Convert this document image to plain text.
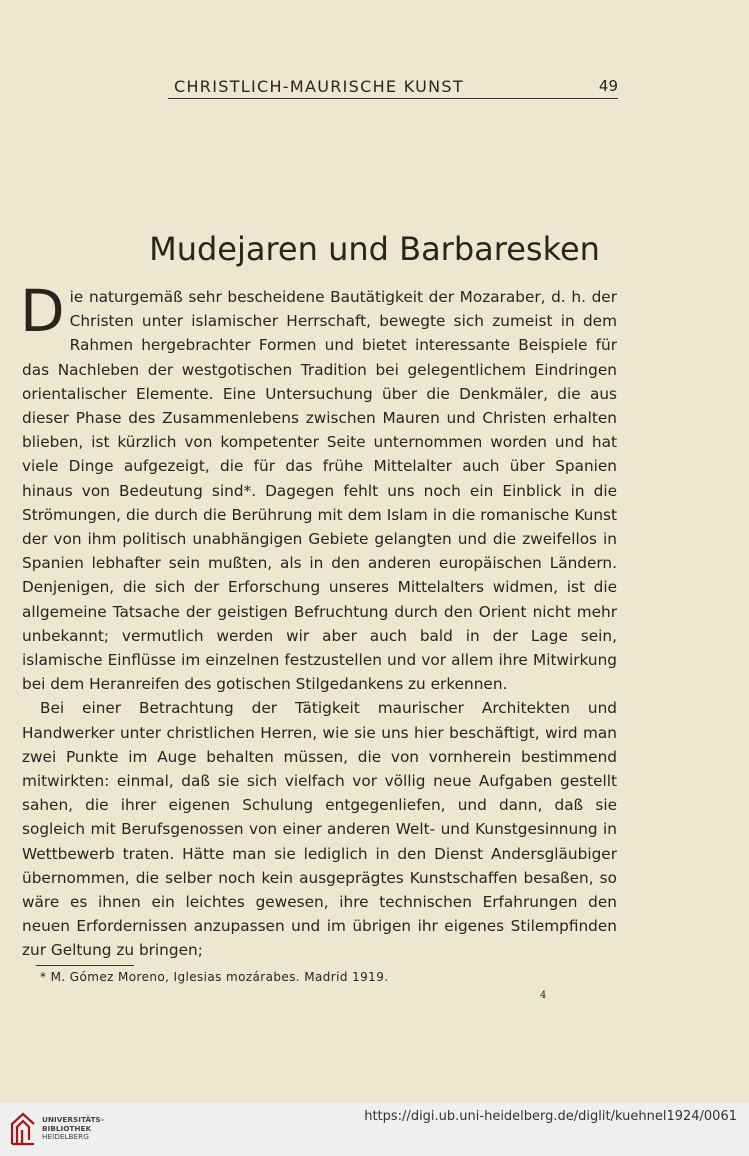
CHRISTLICH-MAURISCHE KUNST	49
Mudejaren und Barbaresken

Die naturgemäß sehr bescheidene Bautätigkeit der Mozaraber, d. h. der Christen unter islamischer Herrschaft, bewegte sich zumeist in dem Rahmen hergebrachter Formen und bietet interessante Beispiele für das Nachleben der westgotischen Tradition bei gelegentlichem Eindringen orientalischer Elemente. Eine Untersuchung über die Denkmäler, die aus dieser Phase des Zusammenlebens zwischen Mauren und Christen erhalten blieben, ist kürzlich von kompetenter Seite unternommen worden und hat viele Dinge aufgezeigt, die für das frühe Mittelalter auch über Spanien hinaus von Bedeutung sind*. Dagegen fehlt uns noch ein Einblick in die Strömungen, die durch die Berührung mit dem Islam in die romanische Kunst der von ihm politisch unabhängigen Gebiete gelangten und die zweifellos in Spanien lebhafter sein mußten, als in den anderen europäischen Ländern. Denjenigen, die sich der Erforschung unseres Mittelalters widmen, ist die allgemeine Tatsache der geistigen Befruchtung durch den Orient nicht mehr unbekannt; vermutlich werden wir aber auch bald in der Lage sein, islamische Einflüsse im einzelnen festzustellen und vor allem ihre Mitwirkung bei dem Heranreifen des gotischen Stilgedankens zu erkennen.

Bei einer Betrachtung der Tätigkeit maurischer Architekten und Handwerker unter christlichen Herren, wie sie uns hier beschäftigt, wird man zwei Punkte im Auge behalten müssen, die von vornherein bestimmend mitwirkten: einmal, daß sie sich vielfach vor völlig neue Aufgaben gestellt sahen, die ihrer eigenen Schulung entgegenliefen, und dann, daß sie sogleich mit Berufsgenossen von einer anderen Welt- und Kunstgesinnung in Wettbewerb traten. Hätte man sie lediglich in den Dienst Andersgläubiger übernommen, die selber noch kein ausgeprägtes Kunstschaffen besaßen, so wäre es ihnen ein leichtes gewesen, ihre technischen Erfahrungen den neuen Erfordernissen anzupassen und im übrigen ihr eigenes Stilempfinden zur Geltung zu bringen;

* M. Gómez Moreno, Iglesias mozárabes. Madrid 1919.
4
UNIVERSITÄTS-
BIBLIOTHEK
HEIDELBERG
https://digi.ub.uni-heidelberg.de/diglit/kuehnel1924/0061
